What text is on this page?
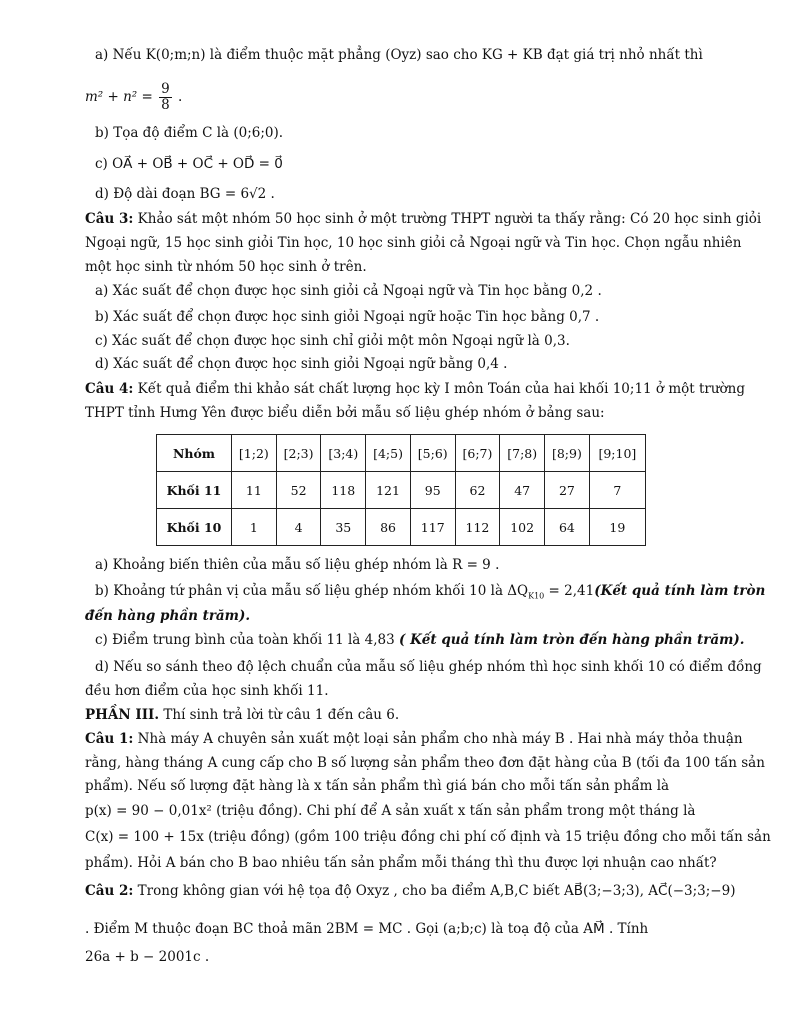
a) Nếu K(0;m;n) là điểm thuộc mặt phẳng (Oyz) sao cho KG + KB đạt giá trị nhỏ nhất thì
$m^2 + n^2 = \frac{9}{8}$ .
b) Tọa độ điểm C là (0;6;0).
c) OA⃗ + OB⃗ + OC⃗ + OD⃗ = 0⃗
d) Độ dài đoạn BG = 6√2 .
Câu 3: Khảo sát một nhóm 50 học sinh ở một trường THPT người ta thấy rằng: Có 20 học sinh giỏi
Ngoại ngữ, 15 học sinh giỏi Tin học, 10 học sinh giỏi cả Ngoại ngữ và Tin học. Chọn ngẫu nhiên
một học sinh từ nhóm 50 học sinh ở trên.
a) Xác suất để chọn được học sinh giỏi cả Ngoại ngữ và Tin học bằng 0,2 .
b) Xác suất để chọn được học sinh giỏi Ngoại ngữ hoặc Tin học bằng 0,7 .
c) Xác suất để chọn được học sinh chỉ giỏi một môn Ngoại ngữ là 0,3.
d) Xác suất để chọn được học sinh giỏi Ngoại ngữ bằng 0,4 .
Câu 4: Kết quả điểm thi khảo sát chất lượng học kỳ I môn Toán của hai khối 10;11 ở một trường
THPT tỉnh Hưng Yên được biểu diễn bởi mẫu số liệu ghép nhóm ở bảng sau:
Nhóm	[1;2)	[2;3)	[3;4)	[4;5)	[5;6)	[6;7)	[7;8)	[8;9)	[9;10]
Khối 11	11	52	118	121	95	62	47	27	7
Khối 10	1	4	35	86	117	112	102	64	19
a) Khoảng biến thiên của mẫu số liệu ghép nhóm là R = 9 .
b) Khoảng tứ phân vị của mẫu số liệu ghép nhóm khối 10 là $\Delta Q_{K10}$ = 2,41(Kết quả tính làm tròn
đến hàng phần trăm).
c) Điểm trung bình của toàn khối 11 là 4,83 ( Kết quả tính làm tròn đến hàng phần trăm).
d) Nếu so sánh theo độ lệch chuẩn của mẫu số liệu ghép nhóm thì học sinh khối 10 có điểm đồng
đều hơn điểm của học sinh khối 11.
PHẦN III. Thí sinh trả lời từ câu 1 đến câu 6.
Câu 1: Nhà máy A chuyên sản xuất một loại sản phẩm cho nhà máy B . Hai nhà máy thỏa thuận
rằng, hàng tháng A cung cấp cho B số lượng sản phẩm theo đơn đặt hàng của B (tối đa 100 tấn sản
phẩm). Nếu số lượng đặt hàng là x tấn sản phẩm thì giá bán cho mỗi tấn sản phẩm là
p(x) = 90 − 0,01x² (triệu đồng). Chi phí để A sản xuất x tấn sản phẩm trong một tháng là
C(x) = 100 + 15x (triệu đồng) (gồm 100 triệu đồng chi phí cố định và 15 triệu đồng cho mỗi tấn sản
phẩm). Hỏi A bán cho B bao nhiêu tấn sản phẩm mỗi tháng thì thu được lợi nhuận cao nhất?
Câu 2: Trong không gian với hệ tọa độ Oxyz , cho ba điểm A,B,C biết AB⃗(3;−3;3), AC⃗(−3;3;−9)
. Điểm M thuộc đoạn BC thoả mãn 2BM = MC . Gọi (a;b;c) là toạ độ của AM⃗ . Tính
26a + b − 2001c .
